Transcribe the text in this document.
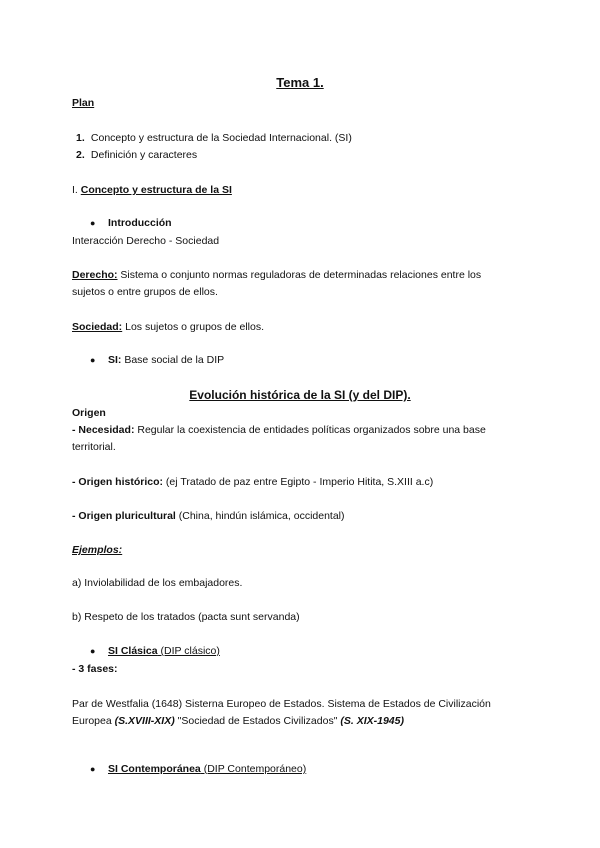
Tema 1.
Plan
1. Concepto y estructura de la Sociedad Internacional. (SI)
2. Definición y caracteres
I. Concepto y estructura de la SI
● Introducción
Interacción Derecho - Sociedad
Derecho: Sistema o conjunto normas reguladoras de determinadas relaciones entre los
sujetos o entre grupos de ellos.
Sociedad: Los sujetos o grupos de ellos.
● SI: Base social de la DIP
Evolución histórica de la SI (y del DIP).
Origen
- Necesidad: Regular la coexistencia de entidades políticas organizados sobre una base
territorial.
- Origen histórico: (ej Tratado de paz entre Egipto - Imperio Hitita, S.XIII a.c)
- Origen pluricultural (China, hindún islámica, occidental)
Ejemplos:
a) Inviolabilidad de los embajadores.
b) Respeto de los tratados (pacta sunt servanda)
● SI Clásica (DIP clásico)
- 3 fases:
Par de Westfalia (1648) Sisterna Europeo de Estados. Sistema de Estados de Civilización
Europea (S.XVIII-XIX) "Sociedad de Estados Civilizados" (S. XIX-1945)
● SI Contemporánea (DIP Contemporáneo)
